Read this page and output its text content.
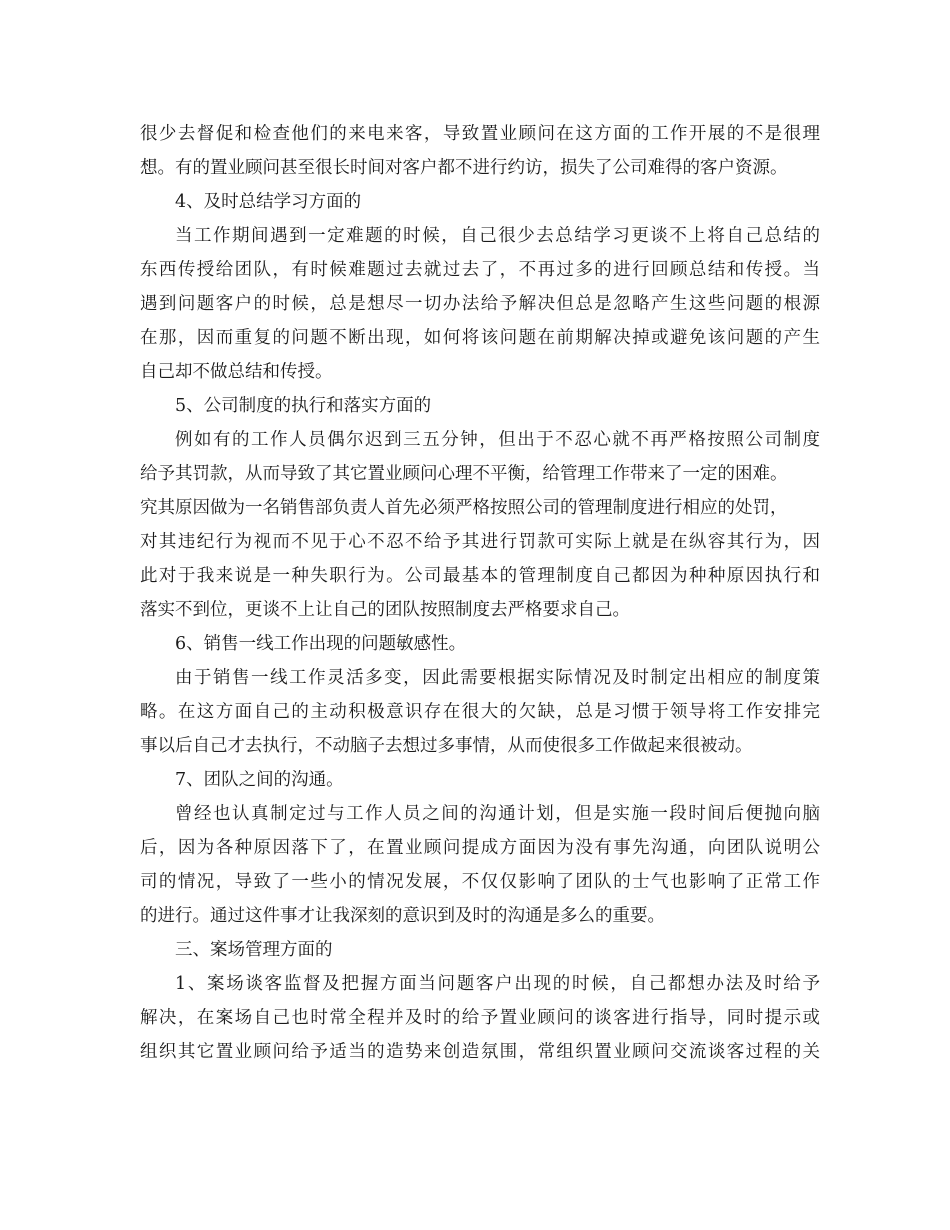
很少去督促和检查他们的来电来客，导致置业顾问在这方面的工作开展的不是很理
想。有的置业顾问甚至很长时间对客户都不进行约访，损失了公司难得的客户资源。
4、及时总结学习方面的
当工作期间遇到一定难题的时候，自己很少去总结学习更谈不上将自己总结的
东西传授给团队，有时候难题过去就过去了，不再过多的进行回顾总结和传授。当
遇到问题客户的时候，总是想尽一切办法给予解决但总是忽略产生这些问题的根源
在那，因而重复的问题不断出现，如何将该问题在前期解决掉或避免该问题的产生
自己却不做总结和传授。
5、公司制度的执行和落实方面的
例如有的工作人员偶尔迟到三五分钟，但出于不忍心就不再严格按照公司制度
给予其罚款，从而导致了其它置业顾问心理不平衡，给管理工作带来了一定的困难。
究其原因做为一名销售部负责人首先必须严格按照公司的管理制度进行相应的处罚，
对其违纪行为视而不见于心不忍不给予其进行罚款可实际上就是在纵容其行为，因
此对于我来说是一种失职行为。公司最基本的管理制度自己都因为种种原因执行和
落实不到位，更谈不上让自己的团队按照制度去严格要求自己。
6、销售一线工作出现的问题敏感性。
由于销售一线工作灵活多变，因此需要根据实际情况及时制定出相应的制度策
略。在这方面自己的主动积极意识存在很大的欠缺，总是习惯于领导将工作安排完
事以后自己才去执行，不动脑子去想过多事情，从而使很多工作做起来很被动。
7、团队之间的沟通。
曾经也认真制定过与工作人员之间的沟通计划，但是实施一段时间后便抛向脑
后，因为各种原因落下了，在置业顾问提成方面因为没有事先沟通，向团队说明公
司的情况，导致了一些小的情况发展，不仅仅影响了团队的士气也影响了正常工作
的进行。通过这件事才让我深刻的意识到及时的沟通是多么的重要。
三、案场管理方面的
1、案场谈客监督及把握方面当问题客户出现的时候，自己都想办法及时给予
解决，在案场自己也时常全程并及时的给予置业顾问的谈客进行指导，同时提示或
组织其它置业顾问给予适当的造势来创造氛围，常组织置业顾问交流谈客过程的关
